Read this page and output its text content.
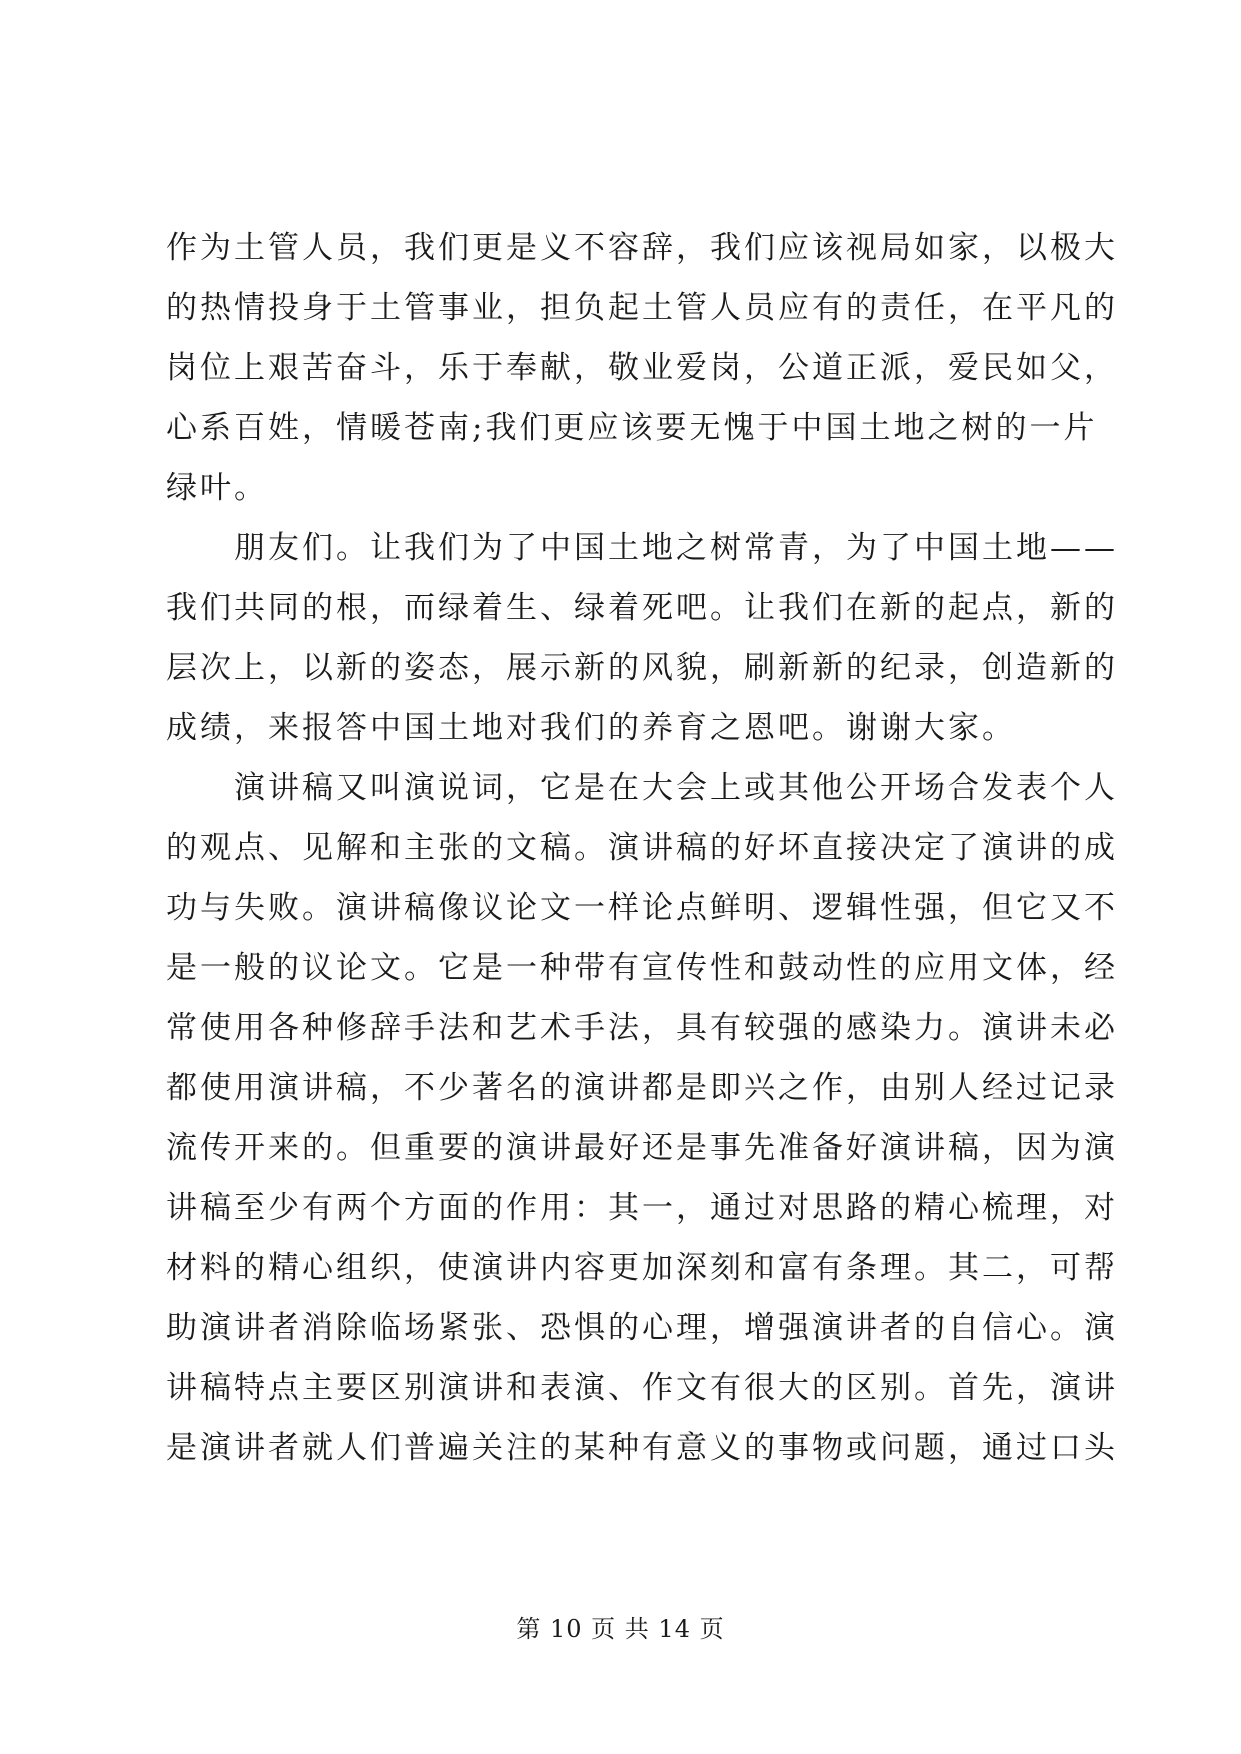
作为土管人员，我们更是义不容辞，我们应该视局如家，以极大
的热情投身于土管事业，担负起土管人员应有的责任，在平凡的
岗位上艰苦奋斗，乐于奉献，敬业爱岗，公道正派，爱民如父，
心系百姓，情暖苍南;我们更应该要无愧于中国土地之树的一片
绿叶。
朋友们。让我们为了中国土地之树常青，为了中国土地——
我们共同的根，而绿着生、绿着死吧。让我们在新的起点，新的
层次上，以新的姿态，展示新的风貌，刷新新的纪录，创造新的
成绩，来报答中国土地对我们的养育之恩吧。谢谢大家。
演讲稿又叫演说词，它是在大会上或其他公开场合发表个人
的观点、见解和主张的文稿。演讲稿的好坏直接决定了演讲的成
功与失败。演讲稿像议论文一样论点鲜明、逻辑性强，但它又不
是一般的议论文。它是一种带有宣传性和鼓动性的应用文体，经
常使用各种修辞手法和艺术手法，具有较强的感染力。演讲未必
都使用演讲稿，不少著名的演讲都是即兴之作，由别人经过记录
流传开来的。但重要的演讲最好还是事先准备好演讲稿，因为演
讲稿至少有两个方面的作用：其一，通过对思路的精心梳理，对
材料的精心组织，使演讲内容更加深刻和富有条理。其二，可帮
助演讲者消除临场紧张、恐惧的心理，增强演讲者的自信心。演
讲稿特点主要区别演讲和表演、作文有很大的区别。首先，演讲
是演讲者就人们普遍关注的某种有意义的事物或问题，通过口头
第 10 页 共 14 页
